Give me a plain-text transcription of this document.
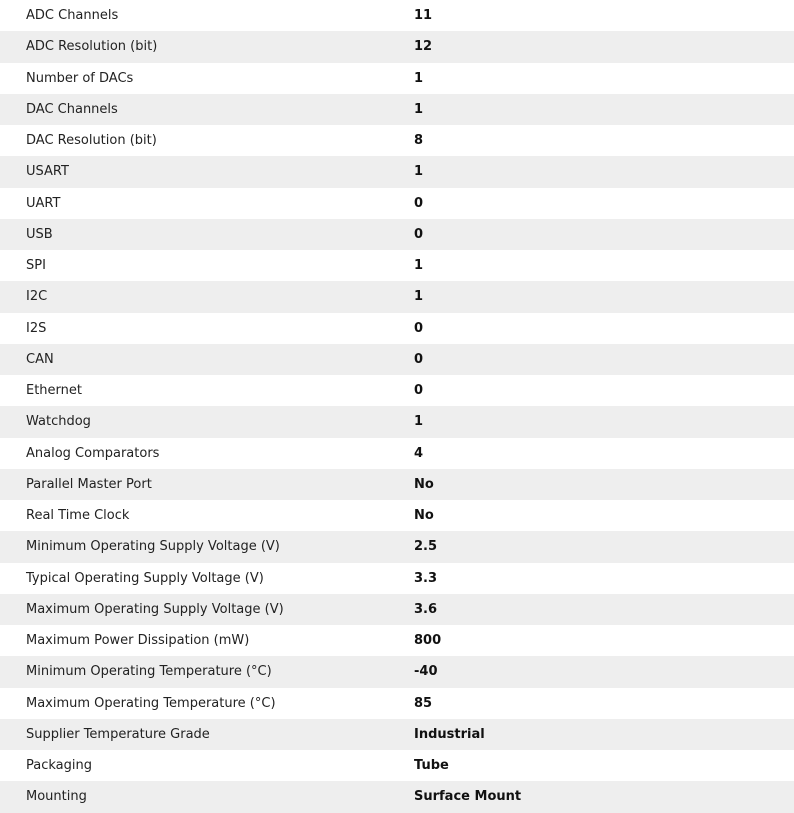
ADC Channels	11
ADC Resolution (bit)	12
Number of DACs	1
DAC Channels	1
DAC Resolution (bit)	8
USART	1
UART	0
USB	0
SPI	1
I2C	1
I2S	0
CAN	0
Ethernet	0
Watchdog	1
Analog Comparators	4
Parallel Master Port	No
Real Time Clock	No
Minimum Operating Supply Voltage (V)	2.5
Typical Operating Supply Voltage (V)	3.3
Maximum Operating Supply Voltage (V)	3.6
Maximum Power Dissipation (mW)	800
Minimum Operating Temperature (°C)	-40
Maximum Operating Temperature (°C)	85
Supplier Temperature Grade	Industrial
Packaging	Tube
Mounting	Surface Mount
